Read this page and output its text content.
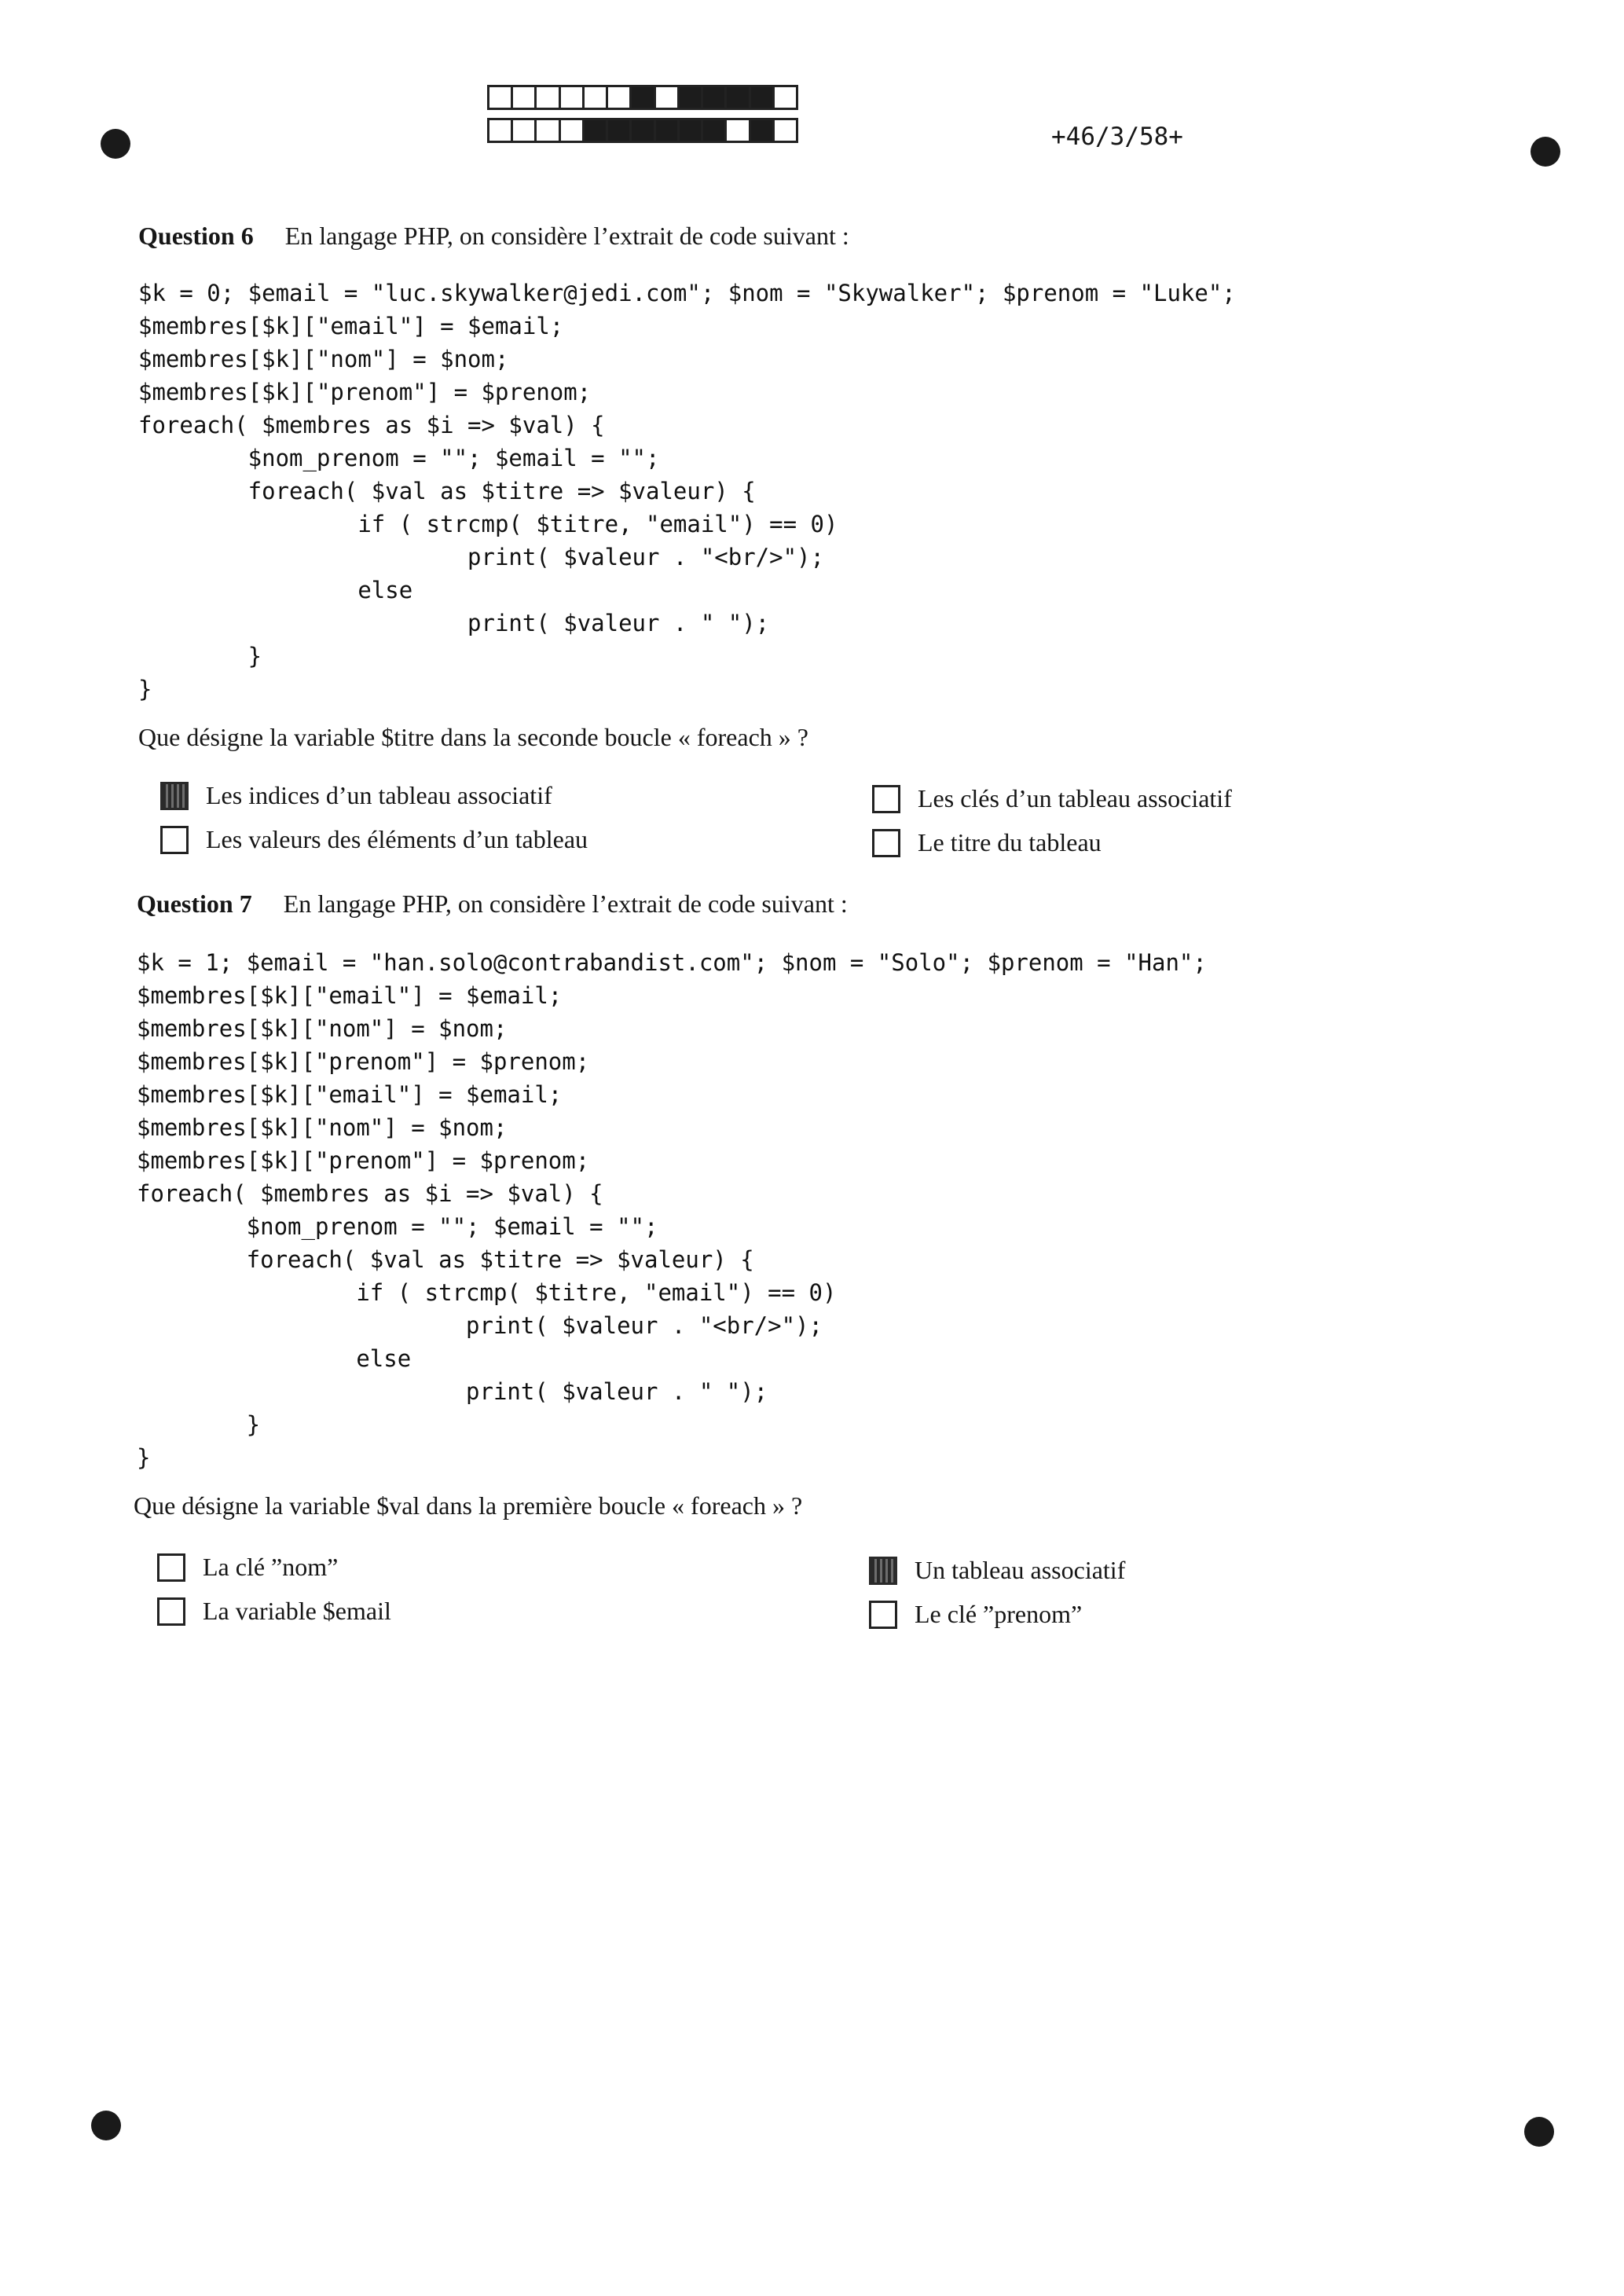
+46/3/58+
Question 6 En langage PHP, on considère l’extrait de code suivant :
$k = 0; $email = "luc.skywalker@jedi.com"; $nom = "Skywalker"; $prenom = "Luke";
$membres[$k]["email"] = $email;
$membres[$k]["nom"] = $nom;
$membres[$k]["prenom"] = $prenom;
foreach( $membres as $i => $val) {
$nom_prenom = ""; $email = "";
foreach( $val as $titre => $valeur) {
if ( strcmp( $titre, "email") == 0)
print( $valeur . "<br/>");
else
print( $valeur . " ");
}
}
Que désigne la variable $titre dans la seconde boucle « foreach » ?
Les indices d’un tableau associatif	Les clés d’un tableau associatif
Les valeurs des éléments d’un tableau	Le titre du tableau
Question 7 En langage PHP, on considère l’extrait de code suivant :
$k = 1; $email = "han.solo@contrabandist.com"; $nom = "Solo"; $prenom = "Han";
$membres[$k]["email"] = $email;
$membres[$k]["nom"] = $nom;
$membres[$k]["prenom"] = $prenom;
$membres[$k]["email"] = $email;
$membres[$k]["nom"] = $nom;
$membres[$k]["prenom"] = $prenom;
foreach( $membres as $i => $val) {
$nom_prenom = ""; $email = "";
foreach( $val as $titre => $valeur) {
if ( strcmp( $titre, "email") == 0)
print( $valeur . "<br/>");
else
print( $valeur . " ");
}
}
Que désigne la variable $val dans la première boucle « foreach » ?
La clé ”nom”	Un tableau associatif
La variable $email	Le clé ”prenom”
